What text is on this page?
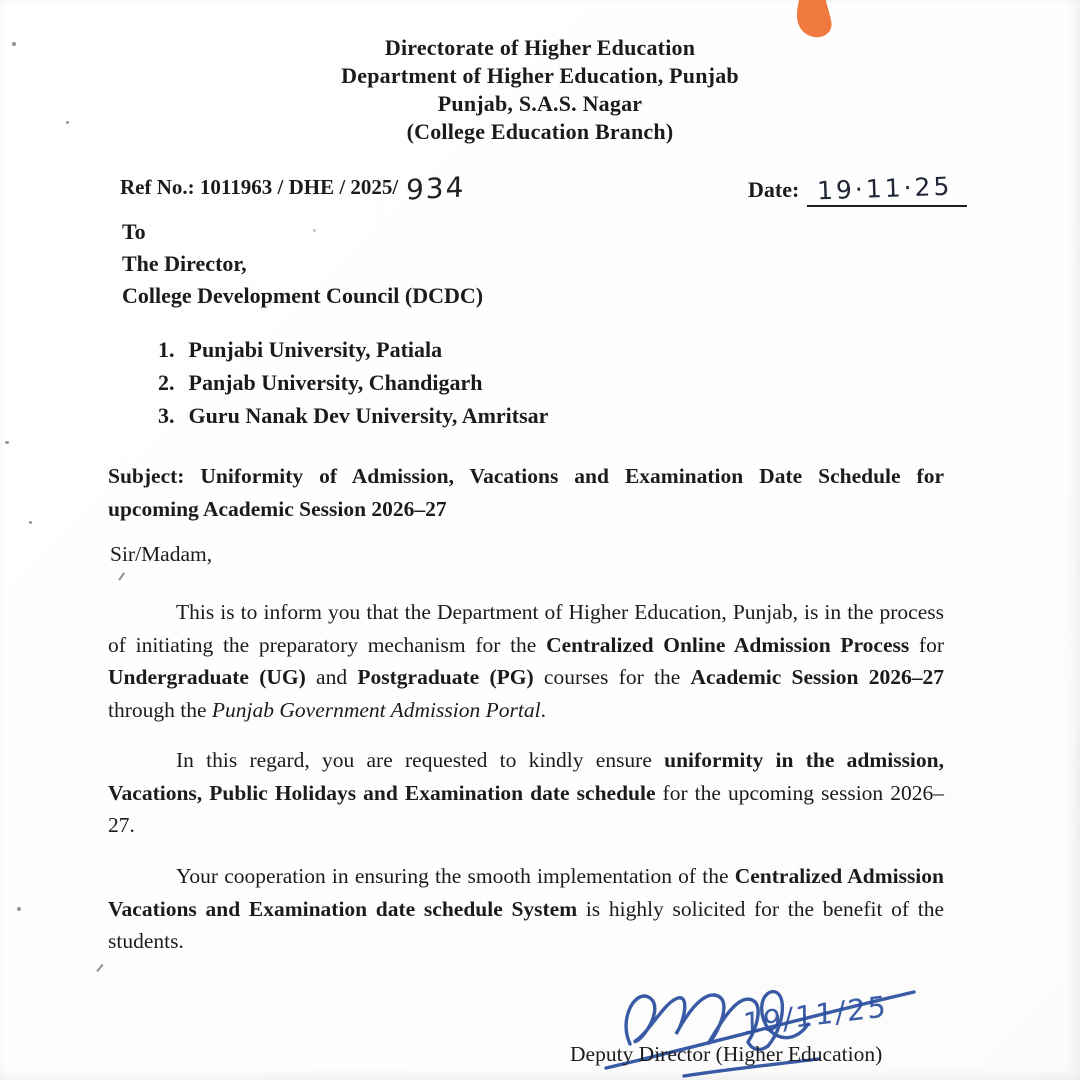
Directorate of Higher Education
Department of Higher Education, Punjab
Punjab, S.A.S. Nagar
(College Education Branch)
Ref No.: 1011963 / DHE / 2025/ 934	Date: 19·11·25
To
The Director,
College Development Council (DCDC)
1. Punjabi University, Patiala
2. Panjab University, Chandigarh
3. Guru Nanak Dev University, Amritsar
Subject: Uniformity of Admission, Vacations and Examination Date Schedule for upcoming Academic Session 2026–27
Sir/Madam,
This is to inform you that the Department of Higher Education, Punjab, is in the process of initiating the preparatory mechanism for the Centralized Online Admission Process for Undergraduate (UG) and Postgraduate (PG) courses for the Academic Session 2026–27 through the Punjab Government Admission Portal.
In this regard, you are requested to kindly ensure uniformity in the admission, Vacations, Public Holidays and Examination date schedule for the upcoming session 2026–27.
Your cooperation in ensuring the smooth implementation of the Centralized Admission Vacations and Examination date schedule System is highly solicited for the benefit of the students.
19/11/25
Deputy Director (Higher Education)
